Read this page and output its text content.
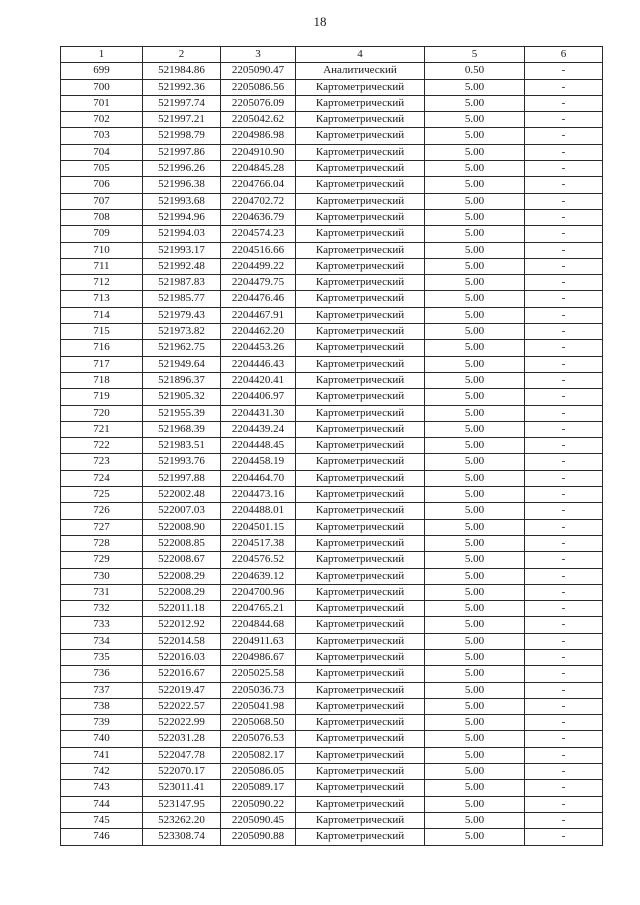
18
1	2	3	4	5	6
699	521984.86	2205090.47	Аналитический	0.50	-
700	521992.36	2205086.56	Картометрический	5.00	-
701	521997.74	2205076.09	Картометрический	5.00	-
702	521997.21	2205042.62	Картометрический	5.00	-
703	521998.79	2204986.98	Картометрический	5.00	-
704	521997.86	2204910.90	Картометрический	5.00	-
705	521996.26	2204845.28	Картометрический	5.00	-
706	521996.38	2204766.04	Картометрический	5.00	-
707	521993.68	2204702.72	Картометрический	5.00	-
708	521994.96	2204636.79	Картометрический	5.00	-
709	521994.03	2204574.23	Картометрический	5.00	-
710	521993.17	2204516.66	Картометрический	5.00	-
711	521992.48	2204499.22	Картометрический	5.00	-
712	521987.83	2204479.75	Картометрический	5.00	-
713	521985.77	2204476.46	Картометрический	5.00	-
714	521979.43	2204467.91	Картометрический	5.00	-
715	521973.82	2204462.20	Картометрический	5.00	-
716	521962.75	2204453.26	Картометрический	5.00	-
717	521949.64	2204446.43	Картометрический	5.00	-
718	521896.37	2204420.41	Картометрический	5.00	-
719	521905.32	2204406.97	Картометрический	5.00	-
720	521955.39	2204431.30	Картометрический	5.00	-
721	521968.39	2204439.24	Картометрический	5.00	-
722	521983.51	2204448.45	Картометрический	5.00	-
723	521993.76	2204458.19	Картометрический	5.00	-
724	521997.88	2204464.70	Картометрический	5.00	-
725	522002.48	2204473.16	Картометрический	5.00	-
726	522007.03	2204488.01	Картометрический	5.00	-
727	522008.90	2204501.15	Картометрический	5.00	-
728	522008.85	2204517.38	Картометрический	5.00	-
729	522008.67	2204576.52	Картометрический	5.00	-
730	522008.29	2204639.12	Картометрический	5.00	-
731	522008.29	2204700.96	Картометрический	5.00	-
732	522011.18	2204765.21	Картометрический	5.00	-
733	522012.92	2204844.68	Картометрический	5.00	-
734	522014.58	2204911.63	Картометрический	5.00	-
735	522016.03	2204986.67	Картометрический	5.00	-
736	522016.67	2205025.58	Картометрический	5.00	-
737	522019.47	2205036.73	Картометрический	5.00	-
738	522022.57	2205041.98	Картометрический	5.00	-
739	522022.99	2205068.50	Картометрический	5.00	-
740	522031.28	2205076.53	Картометрический	5.00	-
741	522047.78	2205082.17	Картометрический	5.00	-
742	522070.17	2205086.05	Картометрический	5.00	-
743	523011.41	2205089.17	Картометрический	5.00	-
744	523147.95	2205090.22	Картометрический	5.00	-
745	523262.20	2205090.45	Картометрический	5.00	-
746	523308.74	2205090.88	Картометрический	5.00	-
